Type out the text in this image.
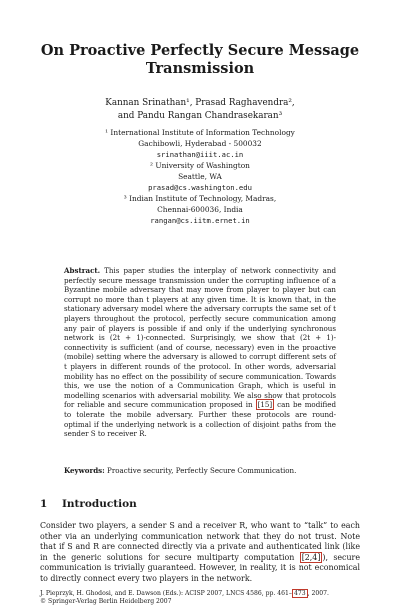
On Proactive Perfectly Secure Message Transmission
Kannan Srinathan¹, Prasad Raghavendra²,
and Pandu Rangan Chandrasekaran³
¹ International Institute of Information Technology
Gachibowli, Hyderabad - 500032
srinathan@iiit.ac.in
² University of Washington
Seattle, WA
prasad@cs.washington.edu
³ Indian Institute of Technology, Madras,
Chennai-600036, India
rangan@cs.iitm.ernet.in
Abstract. This paper studies the interplay of network connectivity and perfectly secure message transmission under the corrupting influence of a Byzantine mobile adversary that may move from player to player but can corrupt no more than t players at any given time. It is known that, in the stationary adversary model where the adversary corrupts the same set of t players throughout the protocol, perfectly secure communication among any pair of players is possible if and only if the underlying synchronous network is (2t + 1)-connected. Surprisingly, we show that (2t + 1)-connectivity is sufficient (and of course, necessary) even in the proactive (mobile) setting where the adversary is allowed to corrupt different sets of t players in different rounds of the protocol. In other words, adversarial mobility has no effect on the possibility of secure communication. Towards this, we use the notion of a Communication Graph, which is useful in modelling scenarios with adversarial mobility. We also show that protocols for reliable and secure communication proposed in [15] can be modified to tolerate the mobile adversary. Further these protocols are round-optimal if the underlying network is a collection of disjoint paths from the sender S to receiver R.
Keywords: Proactive security, Perfectly Secure Communication.
1 Introduction
Consider two players, a sender S and a receiver R, who want to “talk” to each other via an underlying communication network that they do not trust. Note that if S and R are connected directly via a private and authenticated link (like in the generic solutions for secure multiparty computation [2,4] ), secure communication is trivially guaranteed. However, in reality, it is not economical to directly connect every two players in the network.
J. Pieprzyk, H. Ghodosi, and E. Dawson (Eds.): ACISP 2007, LNCS 4586, pp. 461– 473 , 2007.
© Springer-Verlag Berlin Heidelberg 2007
